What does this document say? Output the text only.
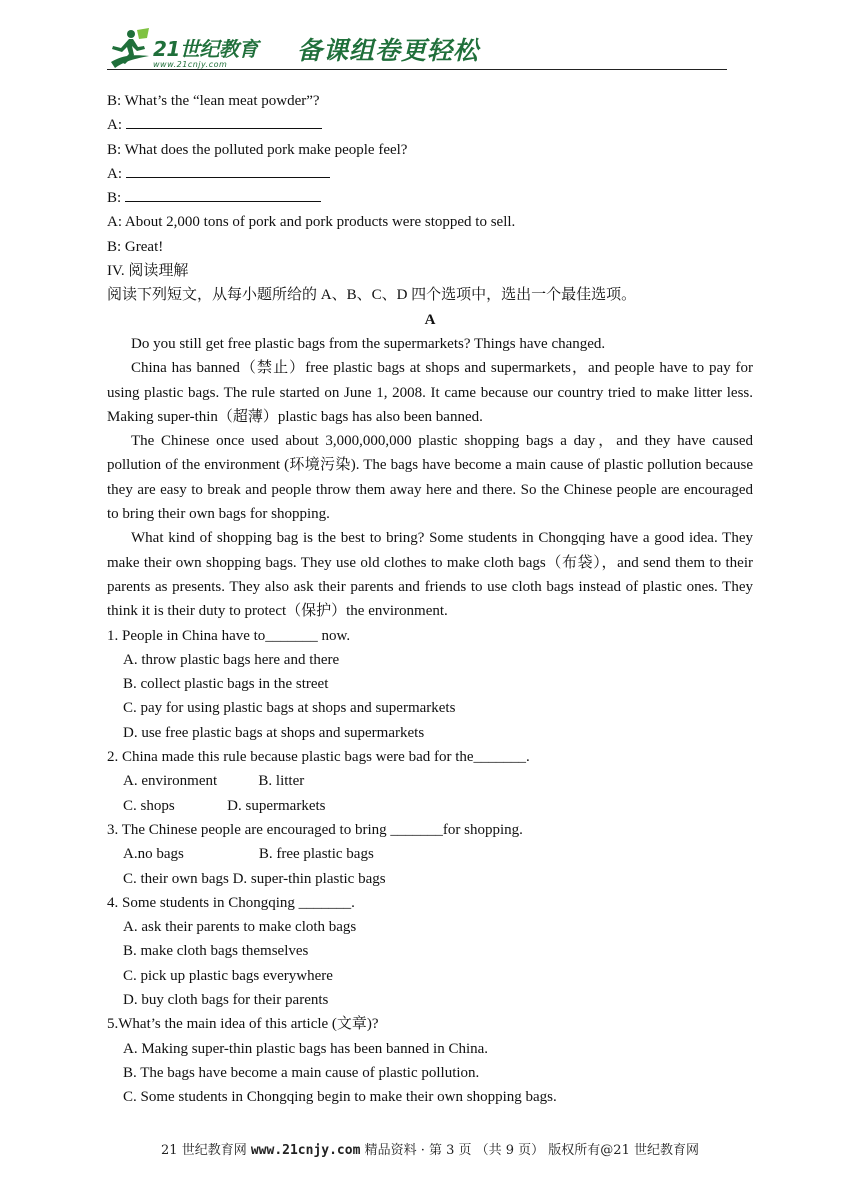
21世纪教育
www.21cnjy.com	备课组卷更轻松
B: What’s the “lean meat powder”?
A:
B: What does the polluted pork make people feel?
A:
B:
A: About 2,000 tons of pork and pork products were stopped to sell.
B: Great!
IV. 阅读理解
阅读下列短文，从每小题所给的 A、B、C、D 四个选项中，选出一个最佳选项。
A
Do you still get free plastic bags from the supermarkets? Things have changed.
China has banned（禁止）free plastic bags at shops and supermarkets，and people have to pay for using plastic bags. The rule started on June 1, 2008. It came because our country tried to make litter less. Making super-thin（超薄）plastic bags has also been banned.
The Chinese once used about 3,000,000,000 plastic shopping bags a day，and they have caused pollution of the environment (环境污染). The bags have become a main cause of plastic pollution because they are easy to break and people throw them away here and there. So the Chinese people are encouraged to bring their own bags for shopping.
What kind of shopping bag is the best to bring? Some students in Chongqing have a good idea. They make their own shopping bags. They use old clothes to make cloth bags（布袋），and send them to their parents as presents. They also ask their parents and friends to use cloth bags instead of plastic ones. They think it is their duty to protect（保护）the environment.
1. People in China have to_______ now.
A. throw plastic bags here and there
B. collect plastic bags in the street
C. pay for using plastic bags at shops and supermarkets
D. use free plastic bags at shops and supermarkets
2. China made this rule because plastic bags were bad for the_______.
A. environment           B. litter
C. shops              D. supermarkets
3. The Chinese people are encouraged to bring _______for shopping.
A.no bags                    B. free plastic bags
C. their own bags D. super-thin plastic bags
4. Some students in Chongqing _______.
A. ask their parents to make cloth bags
B. make cloth bags themselves
C. pick up plastic bags everywhere
D. buy cloth bags for their parents
5.What’s the main idea of this article (文章)?
A. Making super-thin plastic bags has been banned in China.
B. The bags have become a main cause of plastic pollution.
C. Some students in Chongqing begin to make their own shopping bags.
21 世纪教育网 www.21cnjy.com 精品资料 · 第 3 页 （共 9 页） 版权所有@21 世纪教育网
